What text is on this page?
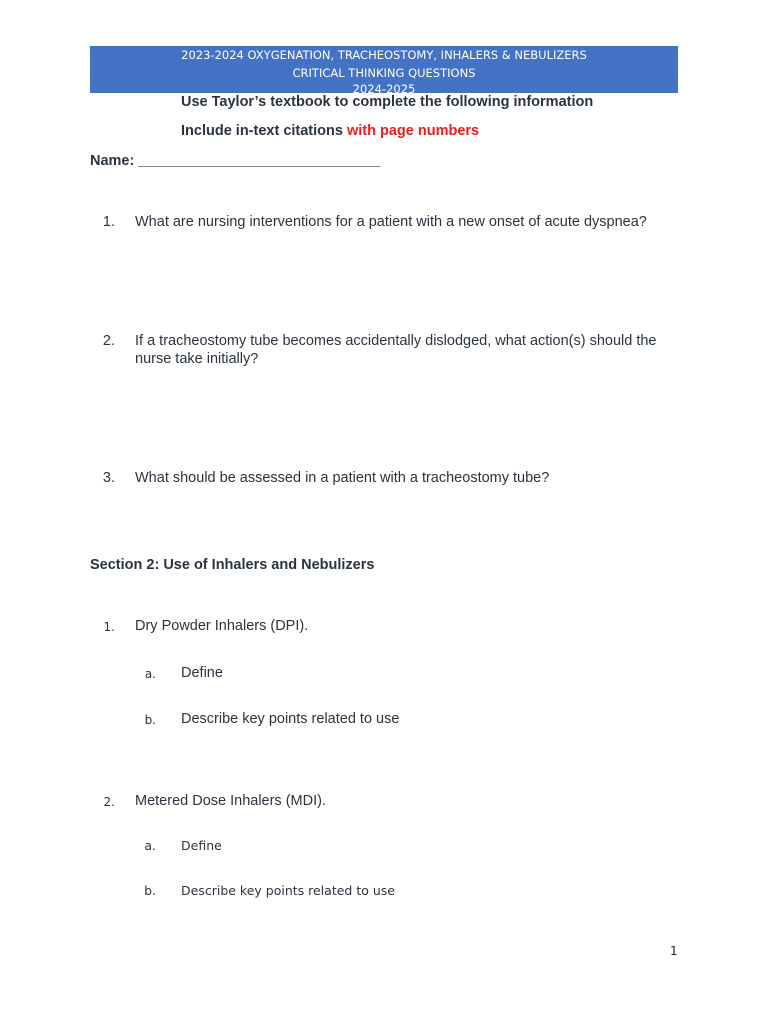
2023-2024 OXYGENATION, TRACHEOSTOMY, INHALERS & NEBULIZERS
CRITICAL THINKING QUESTIONS
2024-2025
Use Taylor’s textbook to complete the following information
Include in-text citations with page numbers
Name: ______________________________
1. What are nursing interventions for a patient with a new onset of acute dyspnea?
2. If a tracheostomy tube becomes accidentally dislodged, what action(s) should the nurse take initially?
3. What should be assessed in a patient with a tracheostomy tube?
Section 2: Use of Inhalers and Nebulizers
1. Dry Powder Inhalers (DPI).
a. Define
b. Describe key points related to use
2. Metered Dose Inhalers (MDI).
a. Define
b. Describe key points related to use
1
